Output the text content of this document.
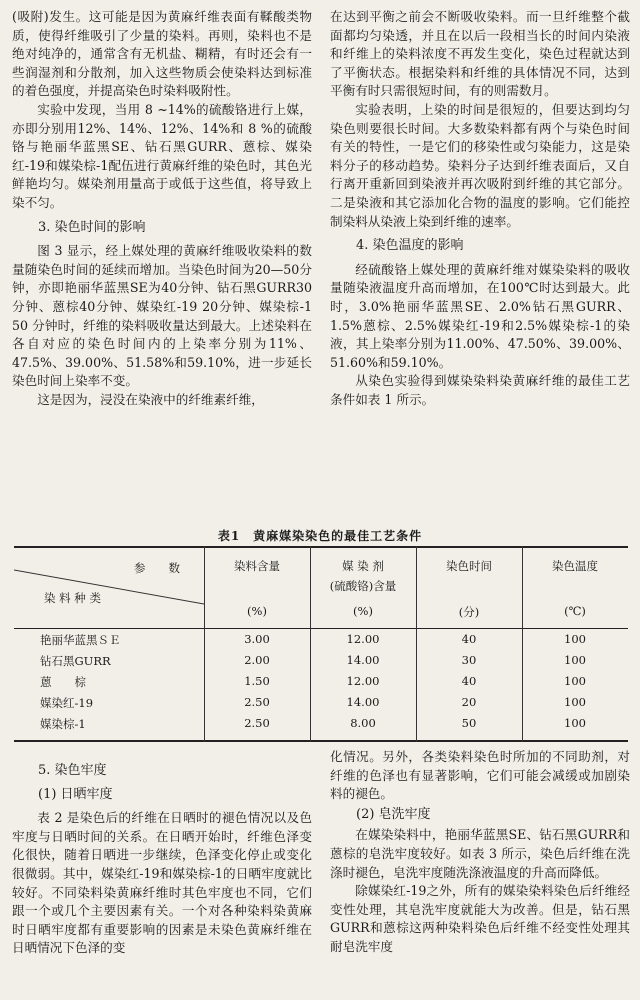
(吸附)发生。这可能是因为黄麻纤维表面有鞣酸类物质，使得纤维吸引了少量的染料。再则，染料也不是绝对纯净的，通常含有无机盐、糊精，有时还会有一些润湿剂和分散剂，加入这些物质会使染料达到标准的着色强度，并提高染色时染料吸附性。

实验中发现，当用 8 ~14%的硫酸铬进行上媒，亦即分别用12%、14%、12%、14%和 8 %的硫酸铬与艳丽华蓝黑SE、钻石黑GURR、蒽棕、媒染红-19和媒染棕-1配伍进行黄麻纤维的染色时，其色光鲜艳均匀。媒染剂用量高于或低于这些值，将导致上染不匀。

3. 染色时间的影响

图 3 显示，经上媒处理的黄麻纤维吸收染料的数量随染色时间的延续而增加。当染色时间为20—50分钟，亦即艳丽华蓝黑SE为40分钟、钻石黑GURR30分钟、蒽棕40分钟、媒染红-19 20分钟、媒染棕-1 50 分钟时，纤维的染料吸收量达到最大。上述染料在各自对应的染色时间内的上染率分别为11%、47.5%、39.00%、51.58%和59.10%，进一步延长染色时间上染率不变。

这是因为，浸没在染液中的纤维素纤维，

在达到平衡之前会不断吸收染料。而一旦纤维整个截面都均匀染透，并且在以后一段相当长的时间内染液和纤维上的染料浓度不再发生变化，染色过程就达到了平衡状态。根据染料和纤维的具体情况不同，达到平衡有时只需很短时间，有的则需数月。

实验表明，上染的时间是很短的，但要达到均匀染色则要很长时间。大多数染料都有两个与染色时间有关的特性，一是它们的移染性或匀染能力，这是染料分子的移动趋势。染料分子达到纤维表面后，又自行离开重新回到染液并再次吸附到纤维的其它部分。二是染液和其它添加化合物的温度的影响。它们能控制染料从染液上染到纤维的速率。

4. 染色温度的影响

经硫酸铬上媒处理的黄麻纤维对媒染染料的吸收量随染液温度升高而增加，在100℃时达到最大。此时，3.0%艳丽华蓝黑SE、2.0%钻石黑GURR、1.5%蒽棕、2.5%媒染红-19和2.5%媒染棕-1的染液，其上染率分别为11.00%、47.50%、39.00%、51.60%和59.10%。

从染色实验得到媒染染料染黄麻纤维的最佳工艺条件如表 1 所示。

表1　黄麻媒染染色的最佳工艺条件
参　　数
染 料 种 类
染料含量
(%)
媒 染 剂
(硫酸铬)含量
(%)
染色时间
(分)
染色温度
(℃)
艳丽华蓝黑ＳＥ	3.00	12.00	40	100
钻石黑GURR	2.00	14.00	30	100
蒽　　棕	1.50	12.00	40	100
媒染红-19	2.50	14.00	20	100
媒染棕-1	2.50	8.00	50	100
5. 染色牢度
(1) 日晒牢度

表 2 是染色后的纤维在日晒时的褪色情况以及色牢度与日晒时间的关系。在日晒开始时，纤维色泽变化很快，随着日晒进一步继续，色泽变化停止或变化很微弱。其中，媒染红-19和媒染棕-1的日晒牢度就比较好。不同染料染黄麻纤维时其色牢度也不同，它们跟一个或几个主要因素有关。一个对各种染料染黄麻时日晒牢度都有重要影响的因素是未染色黄麻纤维在日晒情况下色泽的变

化情况。另外，各类染料染色时所加的不同助剂，对纤维的色泽也有显著影响，它们可能会减缓或加剧染料的褪色。

(2) 皂洗牢度

在媒染染料中，艳丽华蓝黑SE、钻石黑GURR和蒽棕的皂洗牢度较好。如表 3 所示，染色后纤维在洗涤时褪色，皂洗牢度随洗涤液温度的升高而降低。

除媒染红-19之外，所有的媒染染料染色后纤维经变性处理，其皂洗牢度就能大为改善。但是，钻石黑GURR和蒽棕这两种染料染色后纤维不经变性处理其耐皂洗牢度
